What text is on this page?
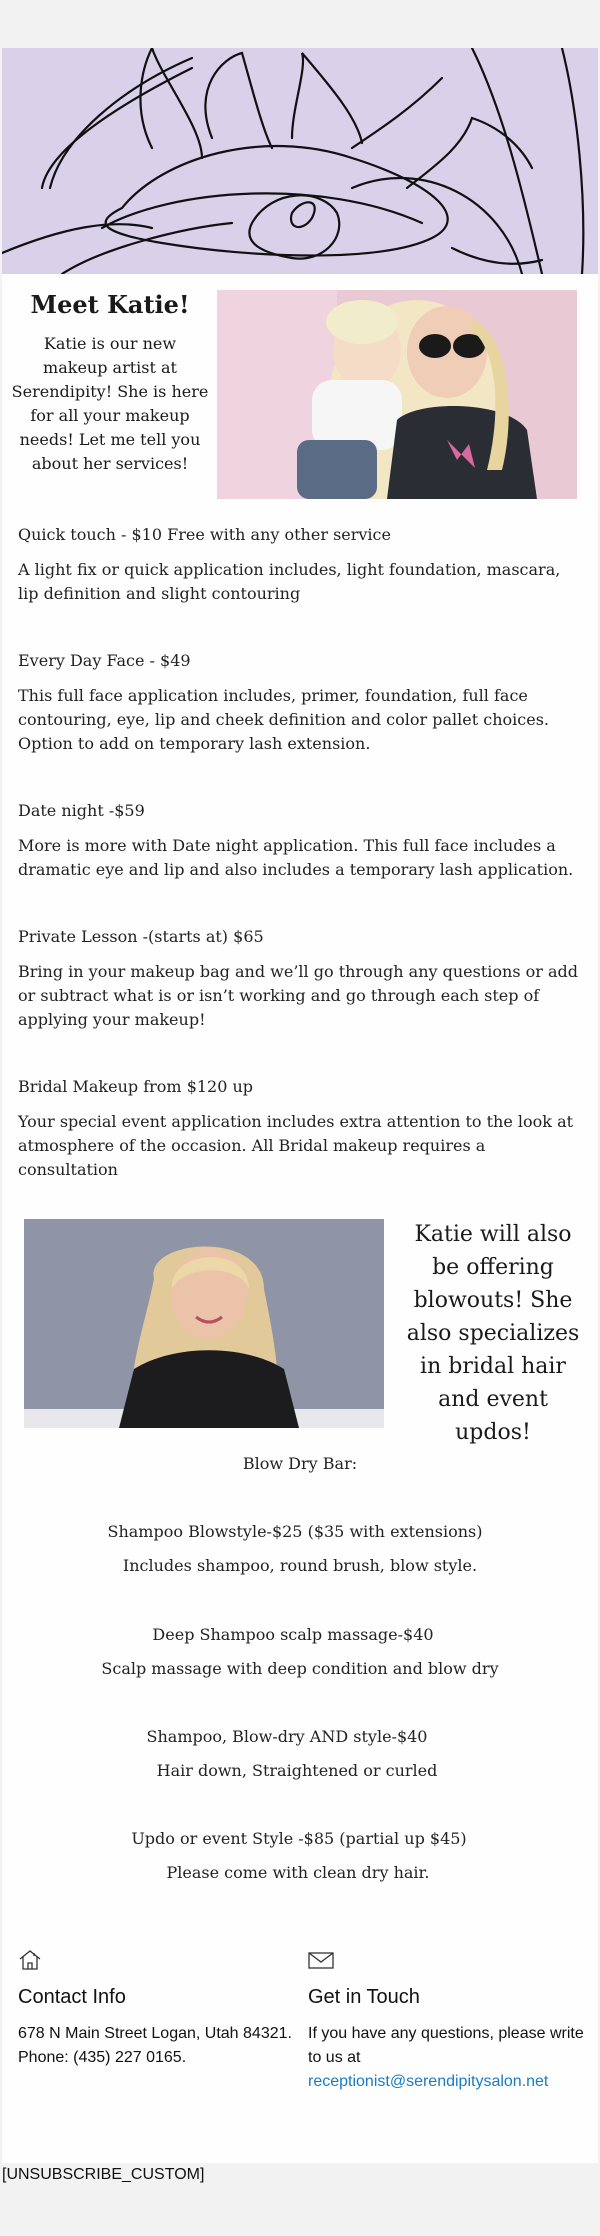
Meet Katie!
Katie is our new makeup artist at Serendipity! She is here for all your makeup needs! Let me tell you about her services!
Quick touch - $10 Free with any other service
A light fix or quick application includes, light foundation, mascara, lip definition and slight contouring
Every Day Face - $49
This full face application includes, primer, foundation, full face contouring, eye, lip and cheek definition and color pallet choices. Option to add on temporary lash extension.
Date night -$59
More is more with Date night application. This full face includes a dramatic eye and lip and also includes a temporary lash application.
Private Lesson -(starts at) $65
Bring in your makeup bag and we’ll go through any questions or add or subtract what is or isn’t working and go through each step of applying your makeup!
Bridal Makeup from $120 up
Your special event application includes extra attention to the look at atmosphere of the occasion. All Bridal makeup requires a consultation
Katie will also be offering blowouts! She also specializes in bridal hair and event updos!
Blow Dry Bar:
Shampoo Blowstyle-$25 ($35 with extensions)
Includes shampoo, round brush, blow style.
Deep Shampoo scalp massage-$40
Scalp massage with deep condition and blow dry
Shampoo, Blow-dry AND style-$40
Hair down, Straightened or curled
Updo or event Style -$85 (partial up $45)
Please come with clean dry hair.
Contact Info

678 N Main Street Logan, Utah 84321.

Phone: (435) 227 0165.

Get in Touch

If you have any questions, please write to us at

receptionist@serendipitysalon.net

[UNSUBSCRIBE_CUSTOM]
